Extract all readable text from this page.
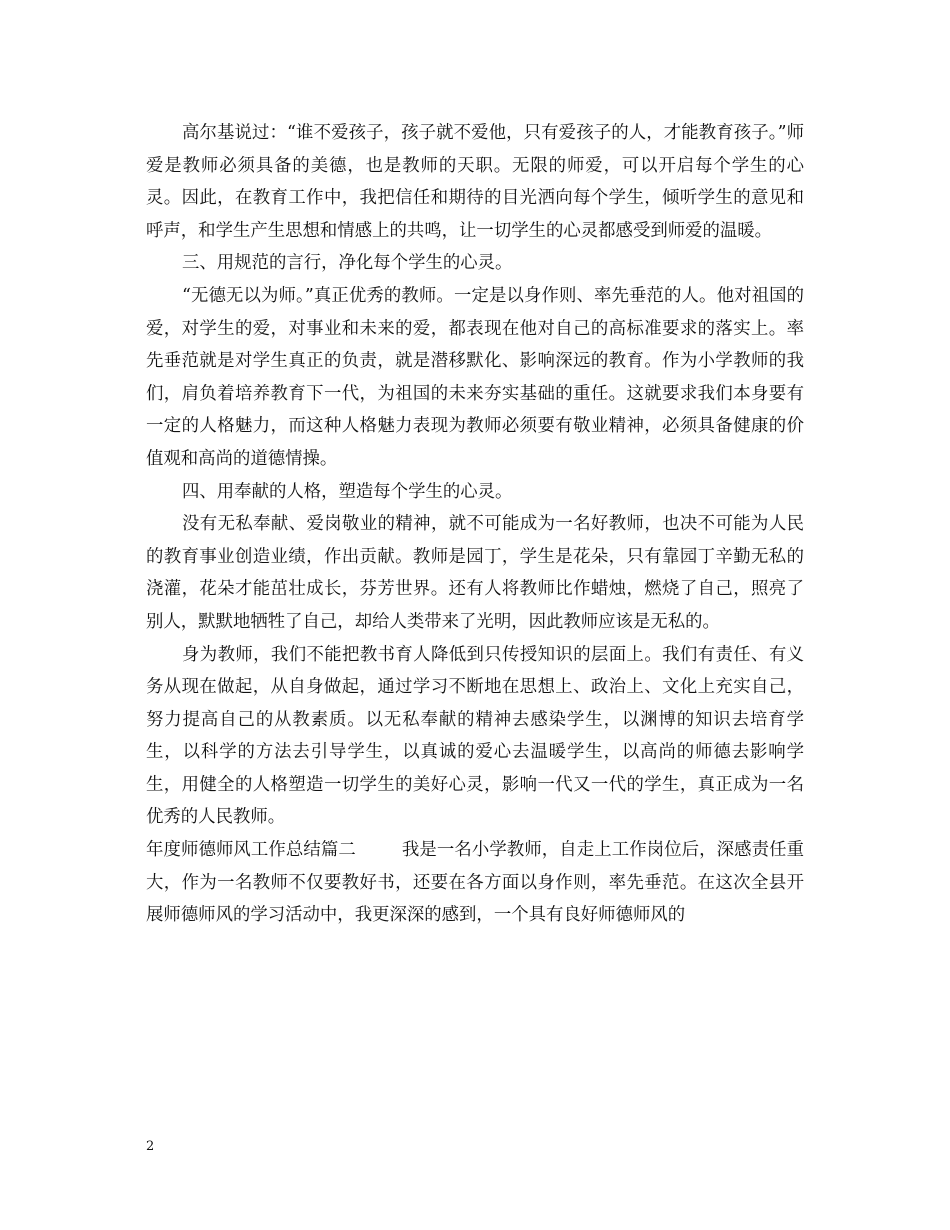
高尔基说过：“谁不爱孩子，孩子就不爱他，只有爱孩子的人，才能教育孩子。”师爱是教师必须具备的美德，也是教师的天职。无限的师爱，可以开启每个学生的心灵。因此，在教育工作中，我把信任和期待的目光洒向每个学生，倾听学生的意见和呼声，和学生产生思想和情感上的共鸣，让一切学生的心灵都感受到师爱的温暖。

三、用规范的言行，净化每个学生的心灵。

“无德无以为师。”真正优秀的教师。一定是以身作则、率先垂范的人。他对祖国的爱，对学生的爱，对事业和未来的爱，都表现在他对自己的高标准要求的落实上。率先垂范就是对学生真正的负责，就是潜移默化、影响深远的教育。作为小学教师的我们，肩负着培养教育下一代，为祖国的未来夯实基础的重任。这就要求我们本身要有一定的人格魅力，而这种人格魅力表现为教师必须要有敬业精神，必须具备健康的价值观和高尚的道德情操。

四、用奉献的人格，塑造每个学生的心灵。

没有无私奉献、爱岗敬业的精神，就不可能成为一名好教师，也决不可能为人民的教育事业创造业绩，作出贡献。教师是园丁，学生是花朵，只有靠园丁辛勤无私的浇灌，花朵才能茁壮成长，芬芳世界。还有人将教师比作蜡烛，燃烧了自己，照亮了别人，默默地牺牲了自己，却给人类带来了光明，因此教师应该是无私的。

身为教师，我们不能把教书育人降低到只传授知识的层面上。我们有责任、有义务从现在做起，从自身做起，通过学习不断地在思想上、政治上、文化上充实自己，努力提高自己的从教素质。以无私奉献的精神去感染学生，以渊博的知识去培育学生，以科学的方法去引导学生，以真诚的爱心去温暖学生，以高尚的师德去影响学生，用健全的人格塑造一切学生的美好心灵，影响一代又一代的学生，真正成为一名优秀的人民教师。

年度师德师风工作总结篇二	我是一名小学教师，自走上工作岗位后，深感责任重大，作为一名教师不仅要教好书，还要在各方面以身作则，率先垂范。在这次全县开展师德师风的学习活动中，我更深深的感到，一个具有良好师德师风的

2
